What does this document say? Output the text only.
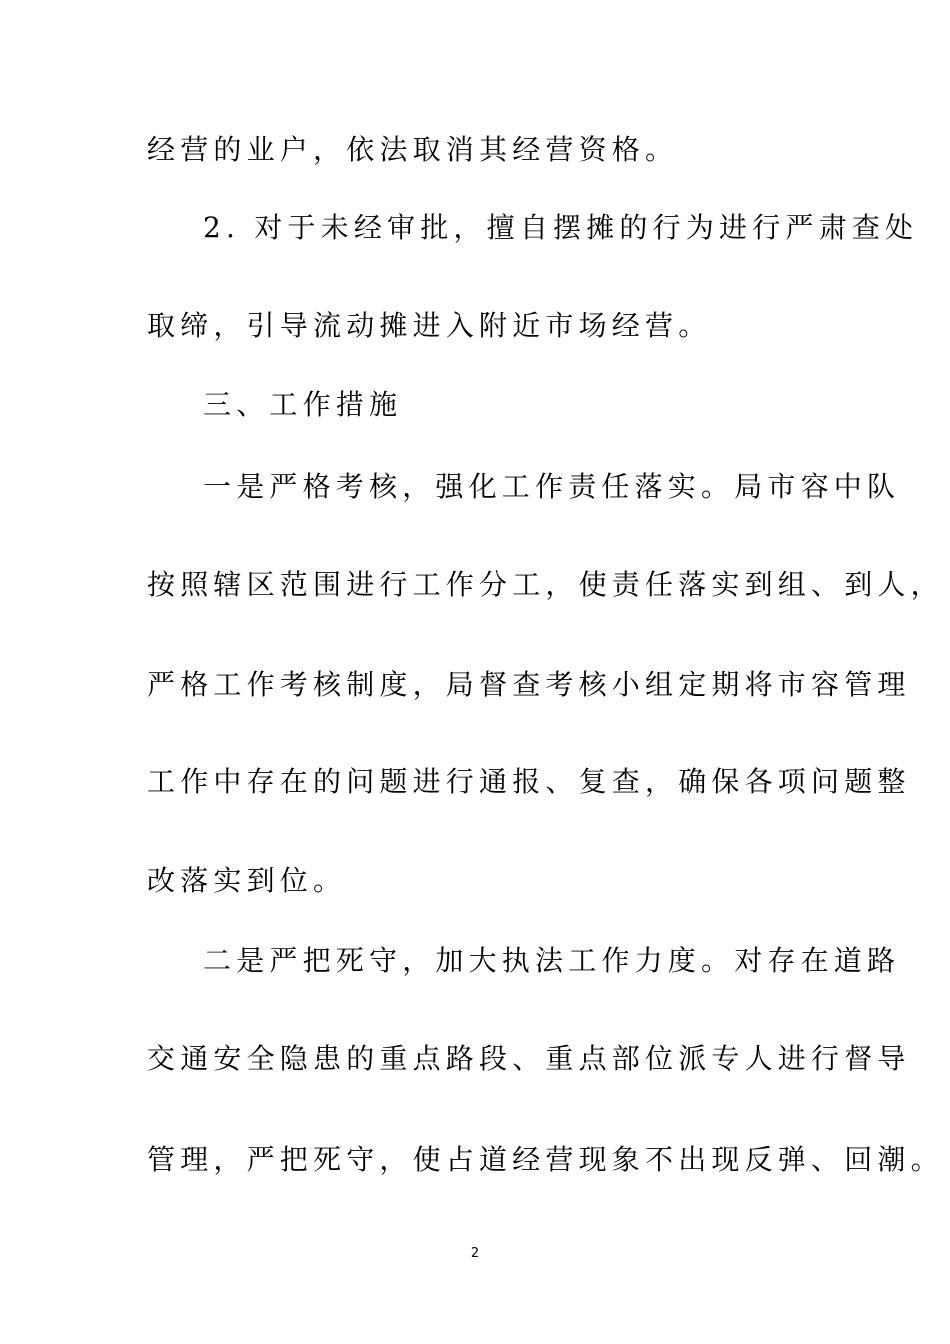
经营的业户，依法取消其经营资格。
2. 对于未经审批，擅自摆摊的行为进行严肃查处
取缔，引导流动摊进入附近市场经营。
三、工作措施
一是严格考核，强化工作责任落实。局市容中队
按照辖区范围进行工作分工，使责任落实到组、到人，
严格工作考核制度，局督查考核小组定期将市容管理
工作中存在的问题进行通报、复查，确保各项问题整
改落实到位。
二是严把死守，加大执法工作力度。对存在道路
交通安全隐患的重点路段、重点部位派专人进行督导
管理，严把死守，使占道经营现象不出现反弹、回潮。
2
